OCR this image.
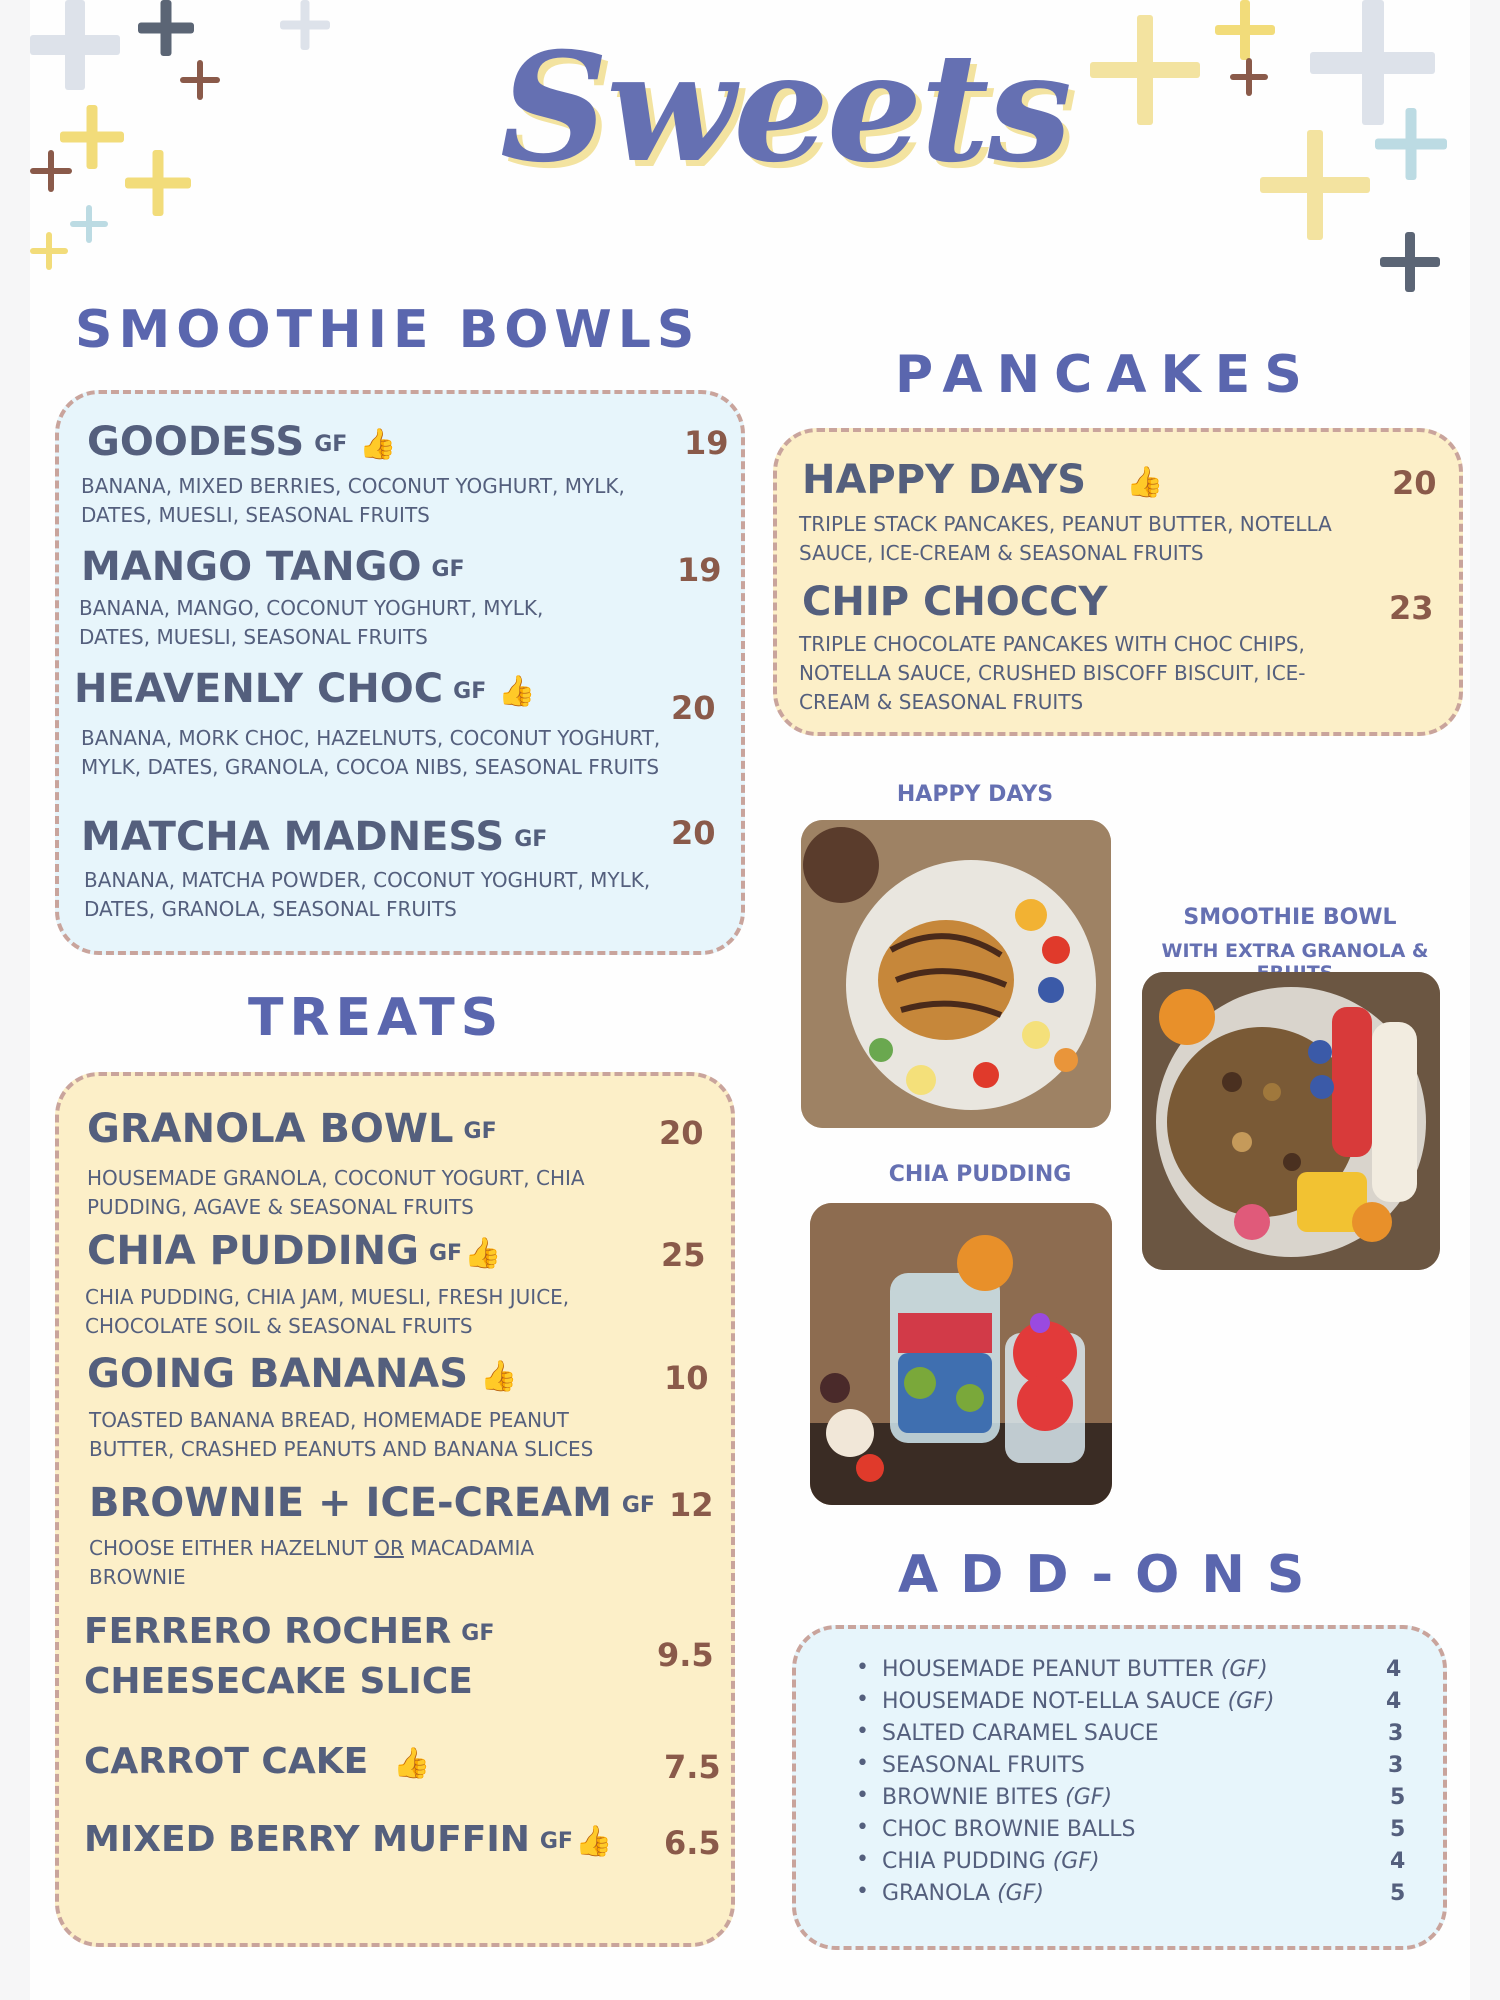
Sweets
SMOOTHIE BOWLS
GOODESS GF 👍	19
BANANA, MIXED BERRIES, COCONUT YOGHURT, MYLK, DATES, MUESLI, SEASONAL FRUITS
MANGO TANGO GF	19
BANANA, MANGO, COCONUT YOGHURT, MYLK, DATES, MUESLI, SEASONAL FRUITS
HEAVENLY CHOC GF 👍	20
BANANA, MORK CHOC, HAZELNUTS, COCONUT YOGHURT, MYLK, DATES, GRANOLA, COCOA NIBS, SEASONAL FRUITS
MATCHA MADNESS GF	20
BANANA, MATCHA POWDER, COCONUT YOGHURT, MYLK, DATES, GRANOLA, SEASONAL FRUITS
PANCAKES
HAPPY DAYS 👍	20
TRIPLE STACK PANCAKES, PEANUT BUTTER, NOTELLA SAUCE, ICE-CREAM & SEASONAL FRUITS
CHIP CHOCCY	23
TRIPLE CHOCOLATE PANCAKES WITH CHOC CHIPS, NOTELLA SAUCE, CRUSHED BISCOFF BISCUIT, ICE-CREAM & SEASONAL FRUITS
HAPPY DAYS
SMOOTHIE BOWL
WITH EXTRA GRANOLA &
CHIA PUDDING
TREATS
GRANOLA BOWL GF	20
HOUSEMADE GRANOLA, COCONUT YOGURT, CHIA PUDDING, AGAVE & SEASONAL FRUITS
CHIA PUDDING GF👍	25
CHIA PUDDING, CHIA JAM, MUESLI, FRESH JUICE, CHOCOLATE SOIL & SEASONAL FRUITS
GOING BANANAS 👍	10
TOASTED BANANA BREAD, HOMEMADE PEANUT BUTTER, CRASHED PEANUTS AND BANANA SLICES
BROWNIE + ICE-CREAM GF 12
CHOOSE EITHER HAZELNUT OR MACADAMIA BROWNIE
FERRERO ROCHER GF
CHEESECAKE SLICE
9.5
CARROT CAKE 👍	7.5
MIXED BERRY MUFFIN GF👍 6.5
ADD-ONS
• HOUSEMADE PEANUT BUTTER (GF)	4
• HOUSEMADE NOT-ELLA SAUCE (GF)	4
• SALTED CARAMEL SAUCE	3
• SEASONAL FRUITS	3
• BROWNIE BITES (GF)	5
• CHOC BROWNIE BALLS	5
• CHIA PUDDING (GF)	4
• GRANOLA (GF)	5
